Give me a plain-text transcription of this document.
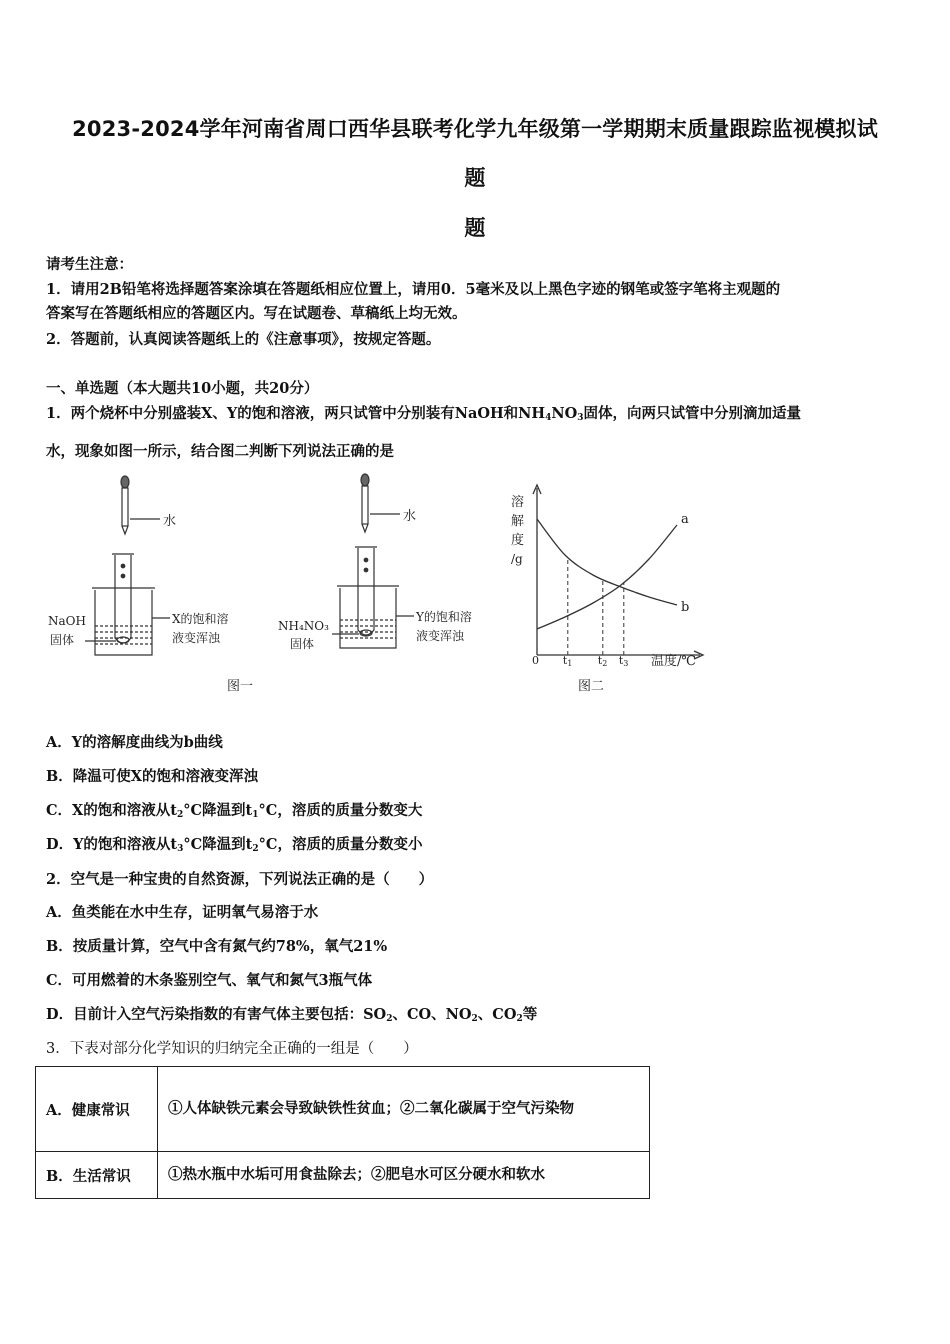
2023-2024学年河南省周口西华县联考化学九年级第一学期期末质量跟踪监视模拟试
题
题
请考生注意：
1．请用2B铅笔将选择题答案涂填在答题纸相应位置上，请用0．5毫米及以上黑色字迹的钢笔或签字笔将主观题的
答案写在答题纸相应的答题区内。写在试题卷、草稿纸上均无效。
2．答题前，认真阅读答题纸上的《注意事项》，按规定答题。
一、单选题（本大题共10小题，共20分）
1．两个烧杯中分别盛装X、Y的饱和溶液，两只试管中分别装有NaOH和$NH_4NO_3$固体，向两只试管中分别滴加适量
水，现象如图一所示，结合图二判断下列说法正确的是
水	水
NaOH
固体
X的饱和溶
液变浑浊
NH₄NO₃
固体
Y的饱和溶
液变浑浊
图一
a
b
0 t1 t2 t3
溶
解
度
/g
温度/℃
图二
A．Y的溶解度曲线为b曲线
B．降温可使X的饱和溶液变浑浊
C．X的饱和溶液从$t_2^\circ C$降温到$t_1^\circ C$，溶质的质量分数变大
D．Y的饱和溶液从$t_3^\circ C$降温到$t_2^\circ C$，溶质的质量分数变小
2．空气是一种宝贵的自然资源，下列说法正确的是（　　）
A．鱼类能在水中生存，证明氧气易溶于水
B．按质量计算，空气中含有氮气约78%，氧气21%
C．可用燃着的木条鉴别空气、氧气和氮气3瓶气体
D．目前计入空气污染指数的有害气体主要包括：$SO_2$、CO、$NO_2$、$CO_2$等
3．下表对部分化学知识的归纳完全正确的一组是（　　）
A．健康常识	①人体缺铁元素会导致缺铁性贫血；②二氧化碳属于空气污染物
B．生活常识	①热水瓶中水垢可用食盐除去；②肥皂水可区分硬水和软水
